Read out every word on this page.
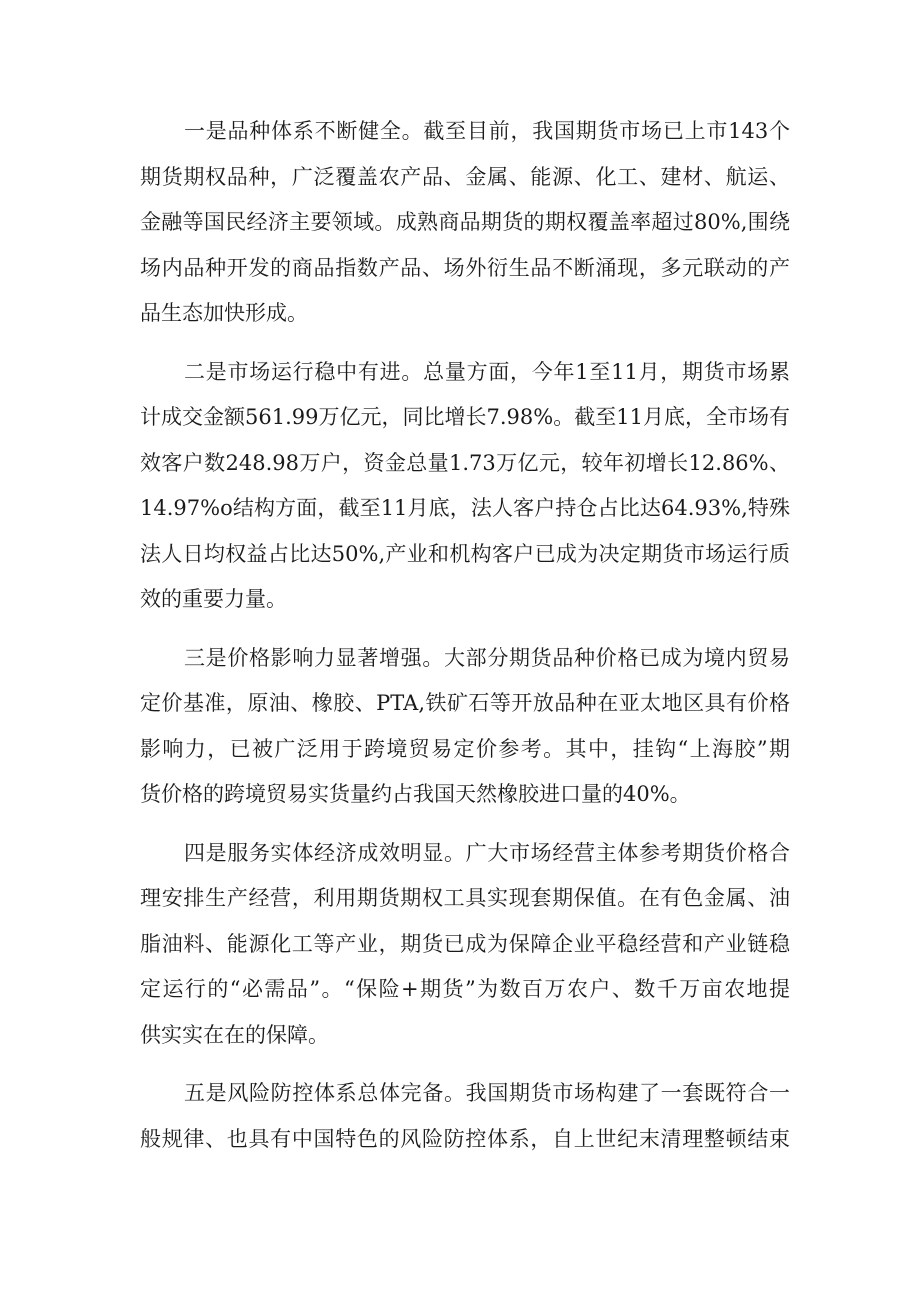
一是品种体系不断健全。截至目前，我国期货市场已上市143个
期货期权品种，广泛覆盖农产品、金属、能源、化工、建材、航运、
金融等国民经济主要领域。成熟商品期货的期权覆盖率超过80%,围绕
场内品种开发的商品指数产品、场外衍生品不断涌现，多元联动的产
品生态加快形成。
二是市场运行稳中有进。总量方面，今年1至11月，期货市场累
计成交金额561.99万亿元，同比增长7.98%。截至11月底，全市场有
效客户数248.98万户，资金总量1.73万亿元，较年初增长12.86%、
14.97%o结构方面，截至11月底，法人客户持仓占比达64.93%,特殊
法人日均权益占比达50%,产业和机构客户已成为决定期货市场运行质
效的重要力量。
三是价格影响力显著增强。大部分期货品种价格已成为境内贸易
定价基准，原油、橡胶、PTA,铁矿石等开放品种在亚太地区具有价格
影响力，已被广泛用于跨境贸易定价参考。其中，挂钩“上海胶”期
货价格的跨境贸易实货量约占我国天然橡胶进口量的40%。
四是服务实体经济成效明显。广大市场经营主体参考期货价格合
理安排生产经营，利用期货期权工具实现套期保值。在有色金属、油
脂油料、能源化工等产业，期货已成为保障企业平稳经营和产业链稳
定运行的“必需品”。“保险+期货”为数百万农户、数千万亩农地提
供实实在在的保障。
五是风险防控体系总体完备。我国期货市场构建了一套既符合一
般规律、也具有中国特色的风险防控体系，自上世纪末清理整顿结束
